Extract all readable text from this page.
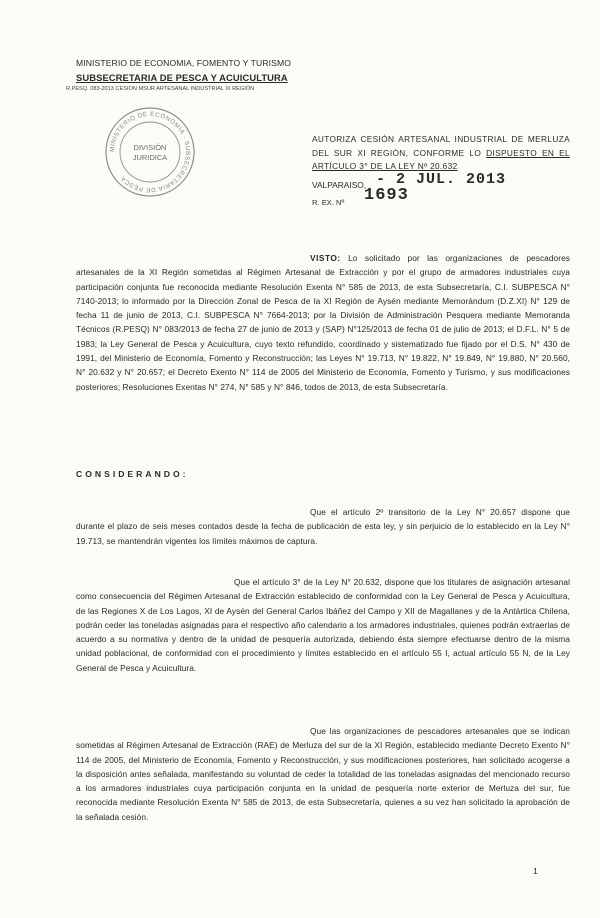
MINISTERIO DE ECONOMIA, FOMENTO Y TURISMO
SUBSECRETARIA DE PESCA Y ACUICULTURA
R.PESQ. 083-2013 CESION MSUR ARTESANAL INDUSTRIAL XI REGIÓN
MINISTERIO DE ECONOMIA · SUBSECRETARIA DE PESCA
DIVISIÓN
JURIDICA
AUTORIZA CESIÓN ARTESANAL INDUSTRIAL DE MERLUZA DEL SUR XI REGIÓN, CONFORME LO DISPUESTO EN EL ARTÍCULO 3° DE LA LEY Nº 20.632
VALPARAISO, - 2 JUL. 2013
R. EX. Nº 1693
VISTO: Lo solicitado por las organizaciones de pescadores artesanales de la XI Región sometidas al Régimen Artesanal de Extracción y por el grupo de armadores industriales cuya participación conjunta fue reconocida mediante Resolución Exenta N° 585 de 2013, de esta Subsecretaría, C.I. SUBPESCA N° 7140-2013; lo informado por la Dirección Zonal de Pesca de la XI Región de Aysén mediante Memorándum (D.Z.XI) N° 129 de fecha 11 de junio de 2013, C.I. SUBPESCA N° 7664-2013; por la División de Administración Pesquera mediante Memoranda Técnicos (R.PESQ) N° 083/2013 de fecha 27 de junio de 2013 y (SAP) N°125/2013 de fecha 01 de julio de 2013; el D.F.L. N° 5 de 1983; la Ley General de Pesca y Acuicultura, cuyo texto refundido, coordinado y sistematizado fue fijado por el D.S. N° 430 de 1991, del Ministerio de Economía, Fomento y Reconstrucción; las Leyes N° 19.713, N° 19.822, N° 19.849, N° 19.880, N° 20.560, N° 20.632 y N° 20.657; el Decreto Exento N° 114 de 2005 del Ministerio de Economía, Fomento y Turismo, y sus modificaciones posteriores; Resoluciones Exentas N° 274, N° 585 y N° 846, todos de 2013, de esta Subsecretaría.
CONSIDERANDO:
Que el artículo 2º transitorio de la Ley N° 20.657 dispone que durante el plazo de seis meses contados desde la fecha de publicación de esta ley, y sin perjuicio de lo establecido en la Ley N° 19.713, se mantendrán vigentes los límites máximos de captura.
Que el artículo 3° de la Ley N° 20.632, dispone que los titulares de asignación artesanal como consecuencia del Régimen Artesanal de Extracción establecido de conformidad con la Ley General de Pesca y Acuicultura, de las Regiones X de Los Lagos, XI de Aysén del General Carlos Ibáñez del Campo y XII de Magallanes y de la Antártica Chilena, podrán ceder las toneladas asignadas para el respectivo año calendario a los armadores industriales, quienes podrán extraerlas de acuerdo a su normativa y dentro de la unidad de pesquería autorizada, debiendo ésta siempre efectuarse dentro de la misma unidad poblacional, de conformidad con el procedimiento y límites establecido en el artículo 55 I, actual artículo 55 N, de la Ley General de Pesca y Acuicultura.
Que las organizaciones de pescadores artesanales que se indican sometidas al Régimen Artesanal de Extracción (RAE) de Merluza del sur de la XI Región, establecido mediante Decreto Exento N° 114 de 2005, del Ministerio de Economía, Fomento y Reconstrucción, y sus modificaciones posteriores, han solicitado acogerse a la disposición antes señalada, manifestando su voluntad de ceder la totalidad de las toneladas asignadas del mencionado recurso a los armadores industriales cuya participación conjunta en la unidad de pesquería norte exterior de Merluza del sur, fue reconocida mediante Resolución Exenta N° 585 de 2013, de esta Subsecretaría, quienes a su vez han solicitado la aprobación de la señalada cesión.
1
